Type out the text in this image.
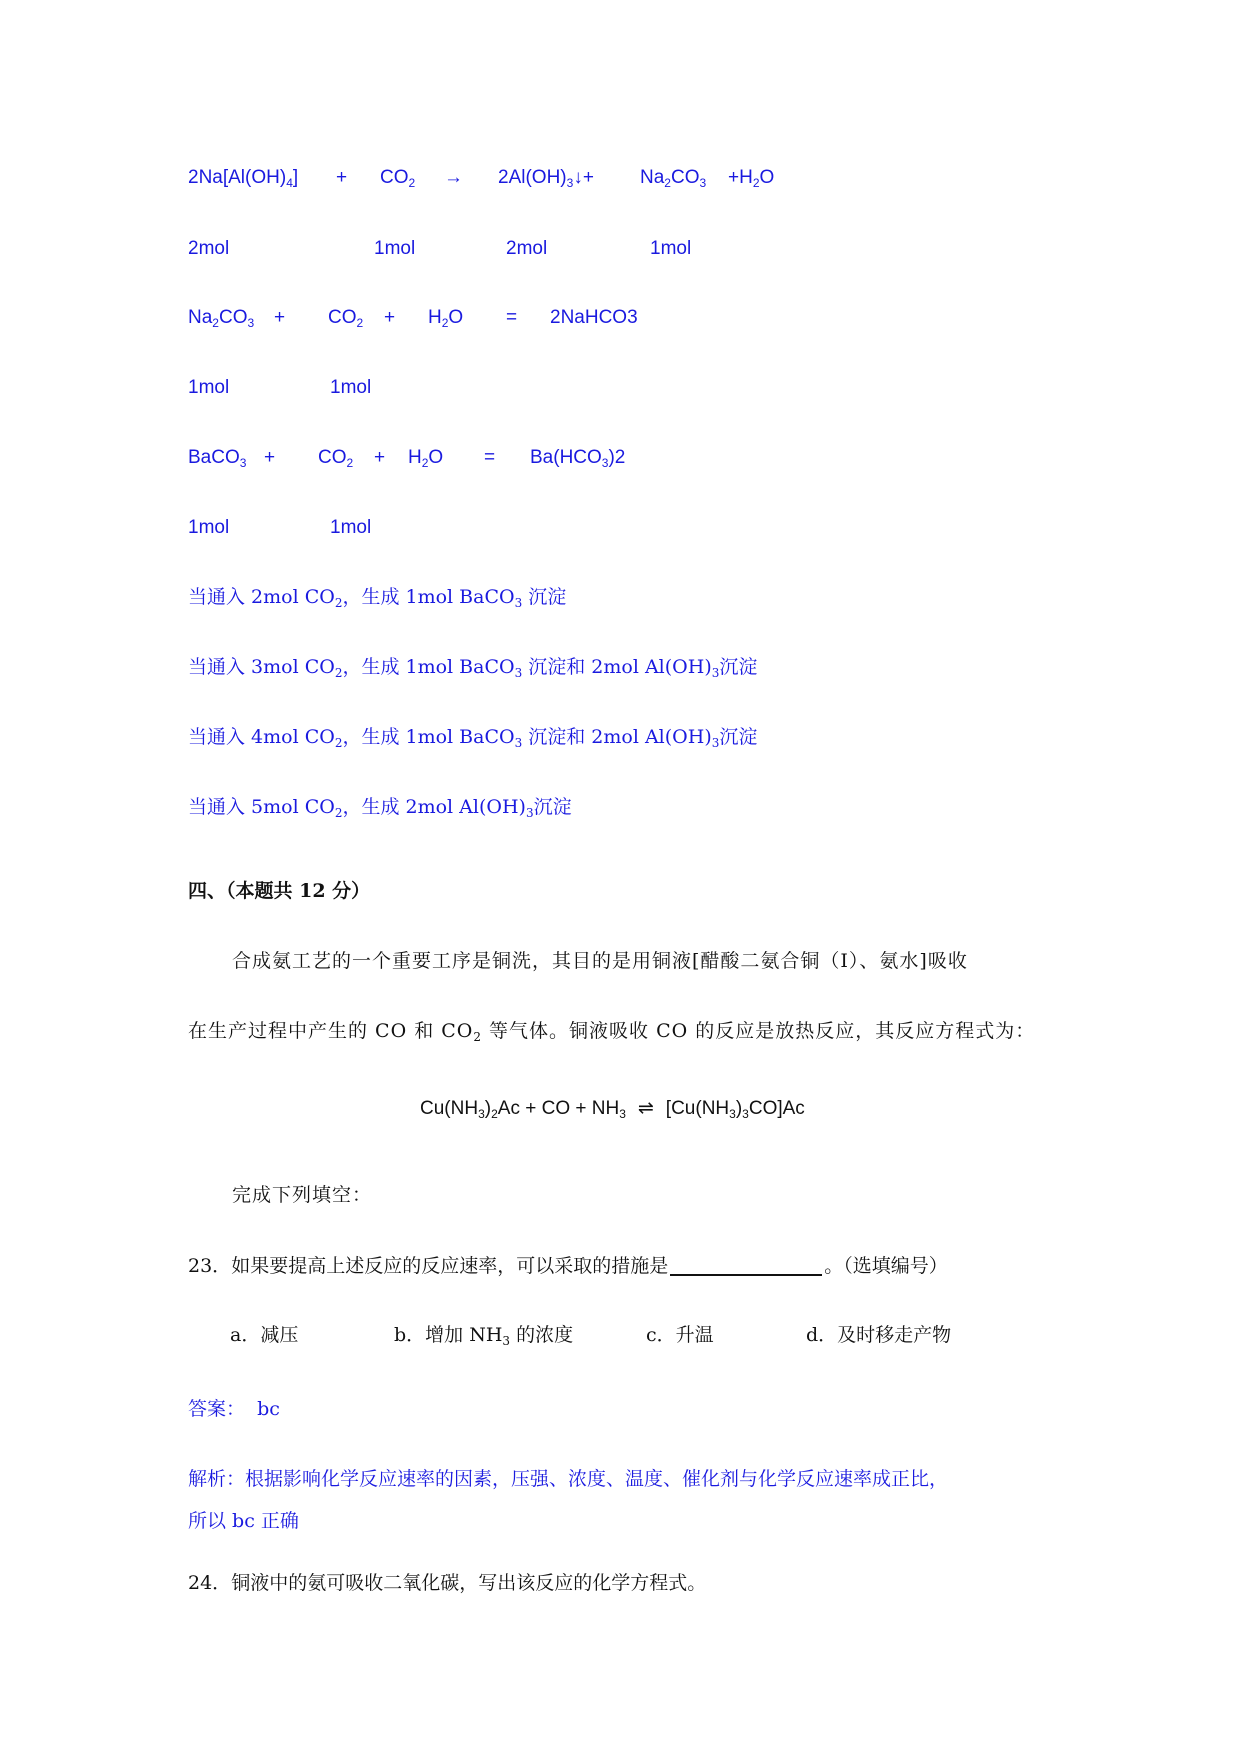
$2Na[Al(OH)_4] + CO_2$ → $2Al(OH)_3↓+ Na_2CO_3 +H_2O$
2mol	1mol	2mol	1mol
$Na_2CO_3 + CO_2 + H_2O$ = 2NaHCO3
1mol	1mol
BaCO$_3$ + $CO_2 + H_2O = Ba(HCO_3)2$
1mol	1mol
当通入 2mol $CO_2$，生成 1mol BaCO$_3$ 沉淀
当通入 3mol $CO_2$，生成 1mol BaCO$_3$ 沉淀和 2mol $Al(OH)_3$沉淀
当通入 4mol $CO_2$，生成 1mol BaCO$_3$ 沉淀和 2mol $Al(OH)_3$沉淀
当通入 5mol $CO_2$，生成 2mol $Al(OH)_3$沉淀
四、（本题共 12 分）
合成氨工艺的一个重要工序是铜洗，其目的是用铜液[醋酸二氨合铜（Ⅰ）、氨水]吸收
在生产过程中产生的 CO 和 $CO_2$ 等气体。铜液吸收 CO 的反应是放热反应，其反应方程式为：
$Cu(NH_3)_2Ac$ + CO + $NH_3$ ⇌ $[Cu(NH_3)_3CO]Ac$
完成下列填空：
23．如果要提高上述反应的反应速率，可以采取的措施是	。（选填编号）
a．减压	b．增加 $NH_3$ 的浓度	c．升温	d．及时移走产物
答案： bc
解析：根据影响化学反应速率的因素，压强、浓度、温度、催化剂与化学反应速率成正比，
所以 bc 正确
24．铜液中的氨可吸收二氧化碳，写出该反应的化学方程式。
